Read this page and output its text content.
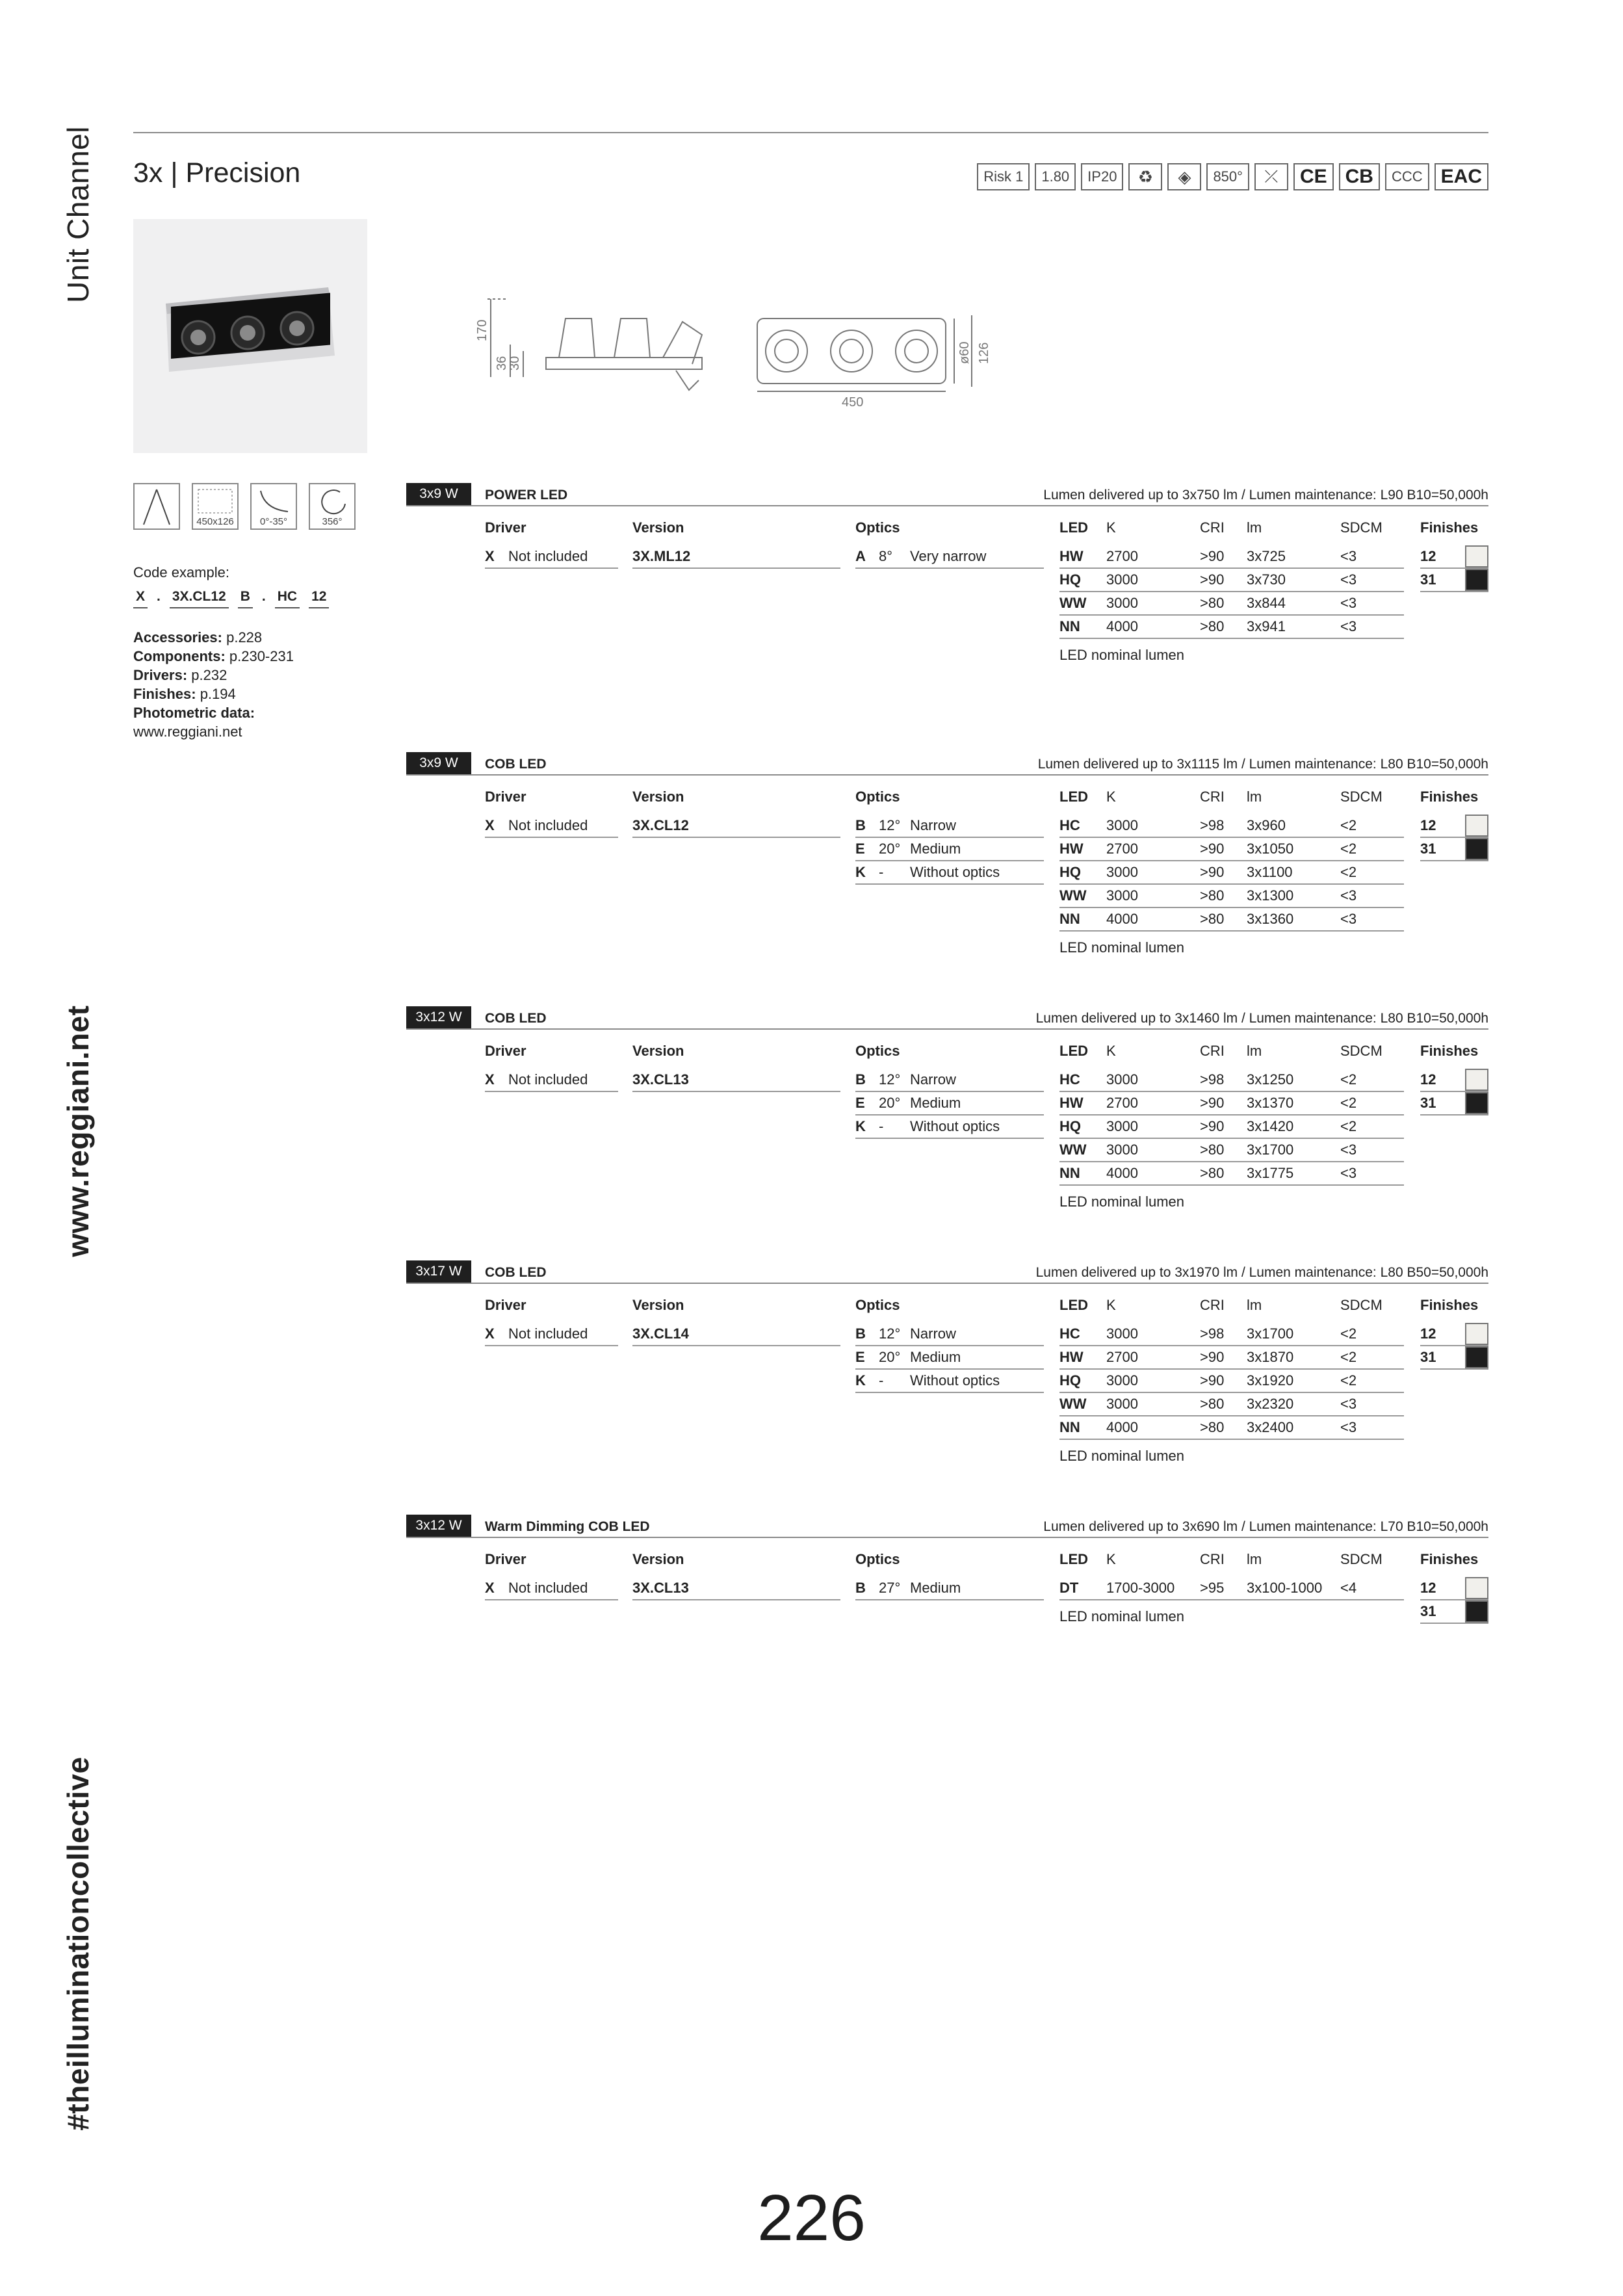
Unit Channel
www.reggiani.net
#theilluminationcollective
3x | Precision	Risk 1	1.80	IP20	♻	◈	850°	⤫	CE CB	CCC EAC
170
36
30
450
ø60 126
450x126	0°-35°	356°
Code example:
X . 3X.CL12 B . HC 12
Accessories: p.228
Components: p.230-231
Drivers: p.232
Finishes: p.194
Photometric data:
www.reggiani.net
3x9 W	POWER LED	Lumen delivered up to 3x750 lm / Lumen maintenance: L90 B10=50,000h
Driver
X Not included
Version
3X.ML12
Optics
A 8°	Very narrow
LED	K	CRI	lm	SDCM
HW	2700	>90	3x725	<3
HQ	3000	>90	3x730	<3
WW	3000	>80	3x844	<3
NN	4000	>80	3x941	<3
LED nominal lumen
Finishes
12
31
3x9 W	COB LED	Lumen delivered up to 3x1115 lm / Lumen maintenance: L80 B10=50,000h
Driver
X Not included
Version
3X.CL12
Optics
B 12° Narrow
E 20° Medium
K -	Without optics
LED	K	CRI	lm	SDCM
HC	3000	>98	3x960	<2
HW	2700	>90	3x1050	<2
HQ	3000	>90	3x1100	<2
WW	3000	>80	3x1300	<3
NN	4000	>80	3x1360	<3
LED nominal lumen
Finishes
12
31
3x12 W	COB LED	Lumen delivered up to 3x1460 lm / Lumen maintenance: L80 B10=50,000h
Driver
X Not included
Version
3X.CL13
Optics
B 12° Narrow
E 20° Medium
K -	Without optics
LED	K	CRI	lm	SDCM
HC	3000	>98	3x1250	<2
HW	2700	>90	3x1370	<2
HQ	3000	>90	3x1420	<2
WW	3000	>80	3x1700	<3
NN	4000	>80	3x1775	<3
LED nominal lumen
Finishes
12
31
3x17 W	COB LED	Lumen delivered up to 3x1970 lm / Lumen maintenance: L80 B50=50,000h
Driver
X Not included
Version
3X.CL14
Optics
B 12° Narrow
E 20° Medium
K -	Without optics
LED	K	CRI	lm	SDCM
HC	3000	>98	3x1700	<2
HW	2700	>90	3x1870	<2
HQ	3000	>90	3x1920	<2
WW	3000	>80	3x2320	<3
NN	4000	>80	3x2400	<3
LED nominal lumen
Finishes
12
31
3x12 W	Warm Dimming COB LED	Lumen delivered up to 3x690 lm / Lumen maintenance: L70 B10=50,000h
Driver
X Not included
Version
3X.CL13
Optics
B 27° Medium
LED	K	CRI	lm	SDCM
DT	1700-3000	>95	3x100-1000	<4
LED nominal lumen
Finishes
12
31
226
